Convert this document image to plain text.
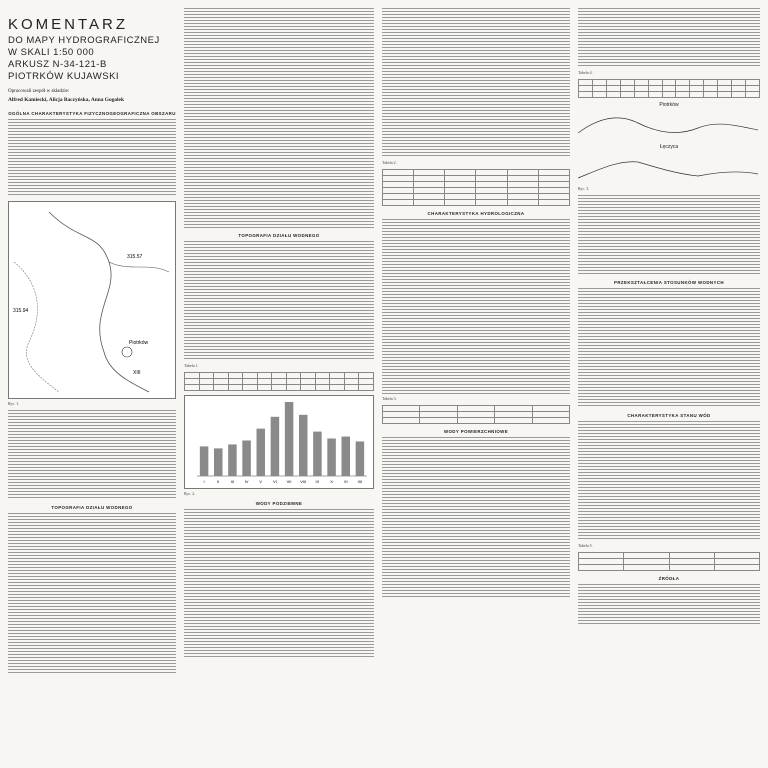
KOMENTARZ
DO MAPY HYDROGRAFICZNEJ
W SKALI 1:50 000
ARKUSZ N-34-121-B
PIOTRKÓW KUJAWSKI
Opracowali zespół w składzie:
Alfred Kamiecki, Alicja Baczyńska, Anna Gogolek
OGÓLNA CHARAKTERYSTYKA FIZYCZNOGEOGRAFICZNA OBSZARU
315.57
315.94
Piotrków
XIII
Ryc. 1.
TOPOGRAFIA DZIAŁU WODNEGO
TOPOGRAFIA DZIAŁU WODNEGO
Tabela 1.

I	II	III	IV	V	VI VII VIII IX	X	XI XII
Ryc. 2.
WODY PODZIEMNE
Tabela 2.

CHARAKTERYSTYKA HYDROLOGICZNA
Tabela 3.

WODY POWIERZCHNIOWE
Tabela 4.

Piotrków
Łęczyca
Ryc. 3.
PRZEKSZTAŁCENIA STOSUNKÓW WODNYCH
CHARAKTERYSTYKA STANU WÓD
Tabela 5.

ŹRÓDŁA
